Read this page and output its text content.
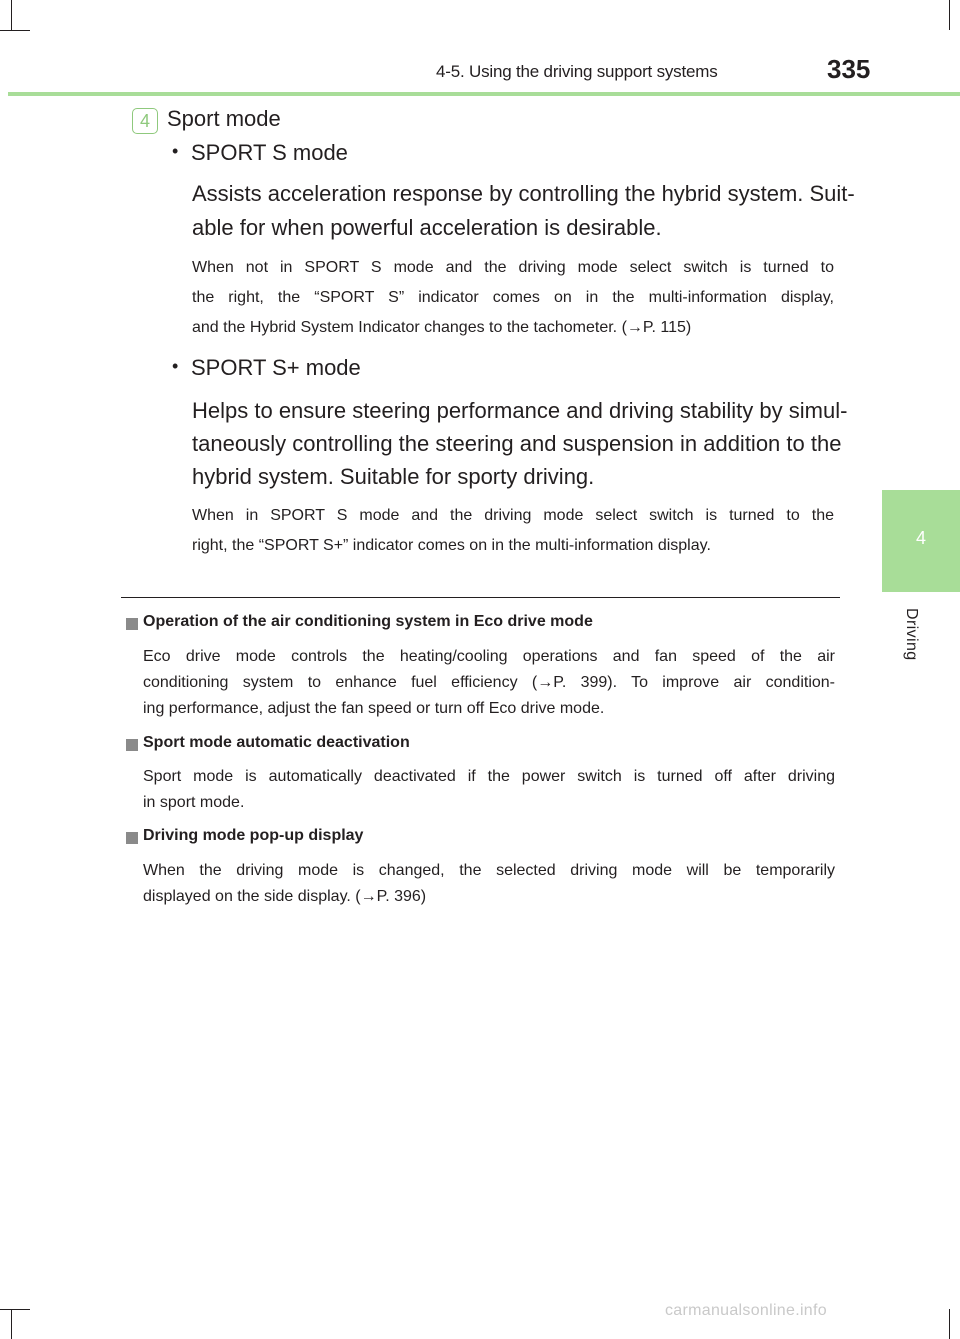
4-5. Using the driving support systems	335
4
Driving
4 Sport mode
• SPORT S mode
Assists acceleration response by controlling the hybrid system. Suit-
able for when powerful acceleration is desirable.
When not in SPORT S mode and the driving mode select switch is turned to
the right, the “SPORT S” indicator comes on in the multi-information display,
and the Hybrid System Indicator changes to the tachometer. (→P. 115)
• SPORT S+ mode
Helps to ensure steering performance and driving stability by simul-
taneously controlling the steering and suspension in addition to the
hybrid system. Suitable for sporty driving.
When in SPORT S mode and the driving mode select switch is turned to the
right, the “SPORT S+” indicator comes on in the multi-information display.
Operation of the air conditioning system in Eco drive mode
Eco drive mode controls the heating/cooling operations and fan speed of the air
conditioning system to enhance fuel efficiency (→P. 399). To improve air condition-
ing performance, adjust the fan speed or turn off Eco drive mode.
Sport mode automatic deactivation
Sport mode is automatically deactivated if the power switch is turned off after driving
in sport mode.
Driving mode pop-up display
When the driving mode is changed, the selected driving mode will be temporarily
displayed on the side display. (→P. 396)
carmanualsonline.info
